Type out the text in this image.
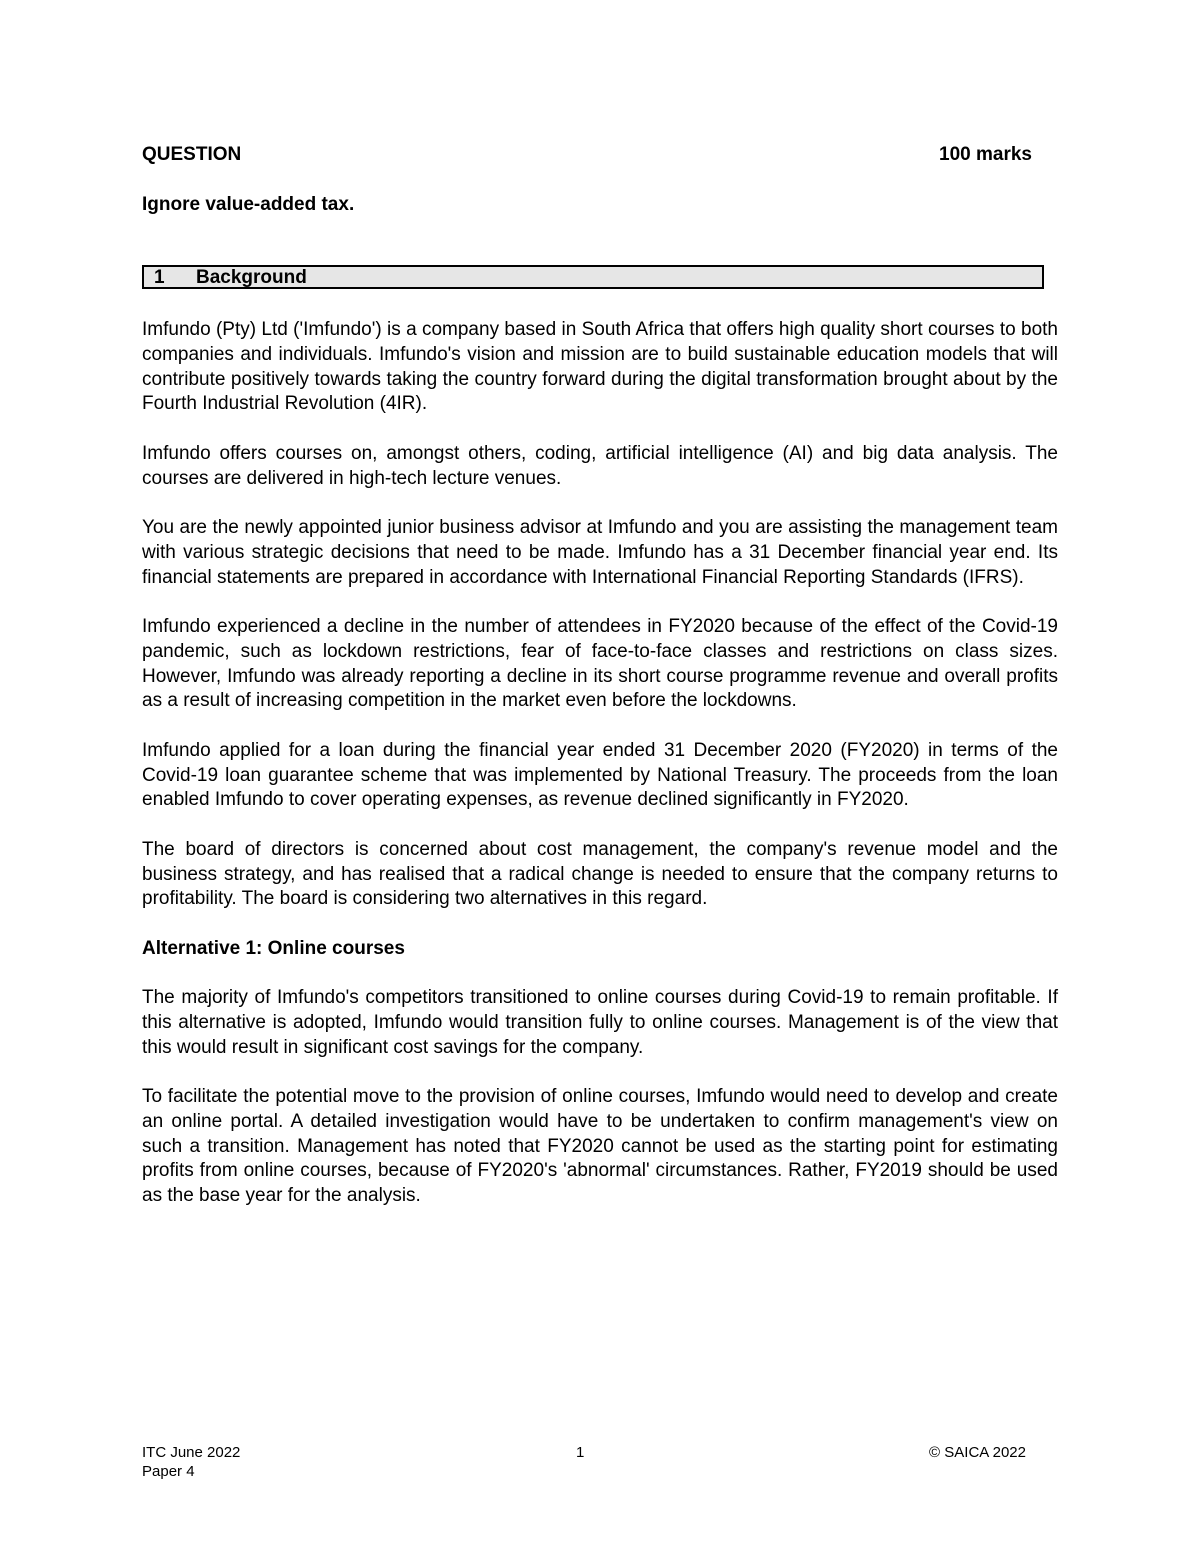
QUESTION	100 marks
Ignore value-added tax.
1 Background

Imfundo (Pty) Ltd ('Imfundo') is a company based in South Africa that offers high quality short courses to both companies and individuals. Imfundo's vision and mission are to build sustainable education models that will contribute positively towards taking the country forward during the digital transformation brought about by the Fourth Industrial Revolution (4IR).

Imfundo offers courses on, amongst others, coding, artificial intelligence (AI) and big data analysis. The courses are delivered in high-tech lecture venues.

You are the newly appointed junior business advisor at Imfundo and you are assisting the management team with various strategic decisions that need to be made. Imfundo has a 31 December financial year end. Its financial statements are prepared in accordance with International Financial Reporting Standards (IFRS).

Imfundo experienced a decline in the number of attendees in FY2020 because of the effect of the Covid-19 pandemic, such as lockdown restrictions, fear of face-to-face classes and restrictions on class sizes. However, Imfundo was already reporting a decline in its short course programme revenue and overall profits as a result of increasing competition in the market even before the lockdowns.

Imfundo applied for a loan during the financial year ended 31 December 2020 (FY2020) in terms of the Covid-19 loan guarantee scheme that was implemented by National Treasury. The proceeds from the loan enabled Imfundo to cover operating expenses, as revenue declined significantly in FY2020.

The board of directors is concerned about cost management, the company's revenue model and the business strategy, and has realised that a radical change is needed to ensure that the company returns to profitability. The board is considering two alternatives in this regard.

Alternative 1: Online courses

The majority of Imfundo's competitors transitioned to online courses during Covid-19 to remain profitable. If this alternative is adopted, Imfundo would transition fully to online courses. Management is of the view that this would result in significant cost savings for the company.

To facilitate the potential move to the provision of online courses, Imfundo would need to develop and create an online portal. A detailed investigation would have to be undertaken to confirm management's view on such a transition. Management has noted that FY2020 cannot be used as the starting point for estimating profits from online courses, because of FY2020's 'abnormal' circumstances. Rather, FY2019 should be used as the base year for the analysis.

ITC June 2022
Paper 4
1	© SAICA 2022
